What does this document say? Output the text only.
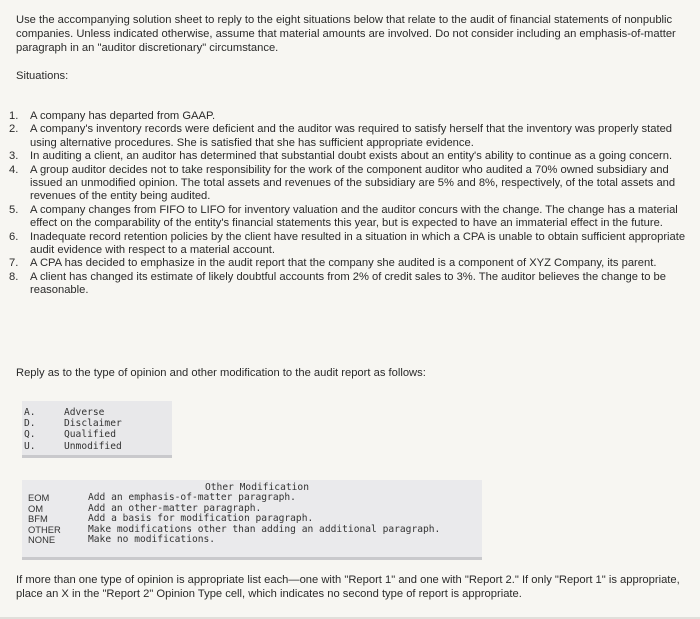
Use the accompanying solution sheet to reply to the eight situations below that relate to the audit of financial statements of nonpublic companies. Unless indicated otherwise, assume that material amounts are involved. Do not consider including an emphasis-of-matter paragraph in an "auditor discretionary" circumstance.
Situations:
1. A company has departed from GAAP.
2. A company's inventory records were deficient and the auditor was required to satisfy herself that the inventory was properly stated using alternative procedures. She is satisfied that she has sufficient appropriate evidence.
3. In auditing a client, an auditor has determined that substantial doubt exists about an entity's ability to continue as a going concern.
4. A group auditor decides not to take responsibility for the work of the component auditor who audited a 70% owned subsidiary and issued an unmodified opinion. The total assets and revenues of the subsidiary are 5% and 8%, respectively, of the total assets and revenues of the entity being audited.
5. A company changes from FIFO to LIFO for inventory valuation and the auditor concurs with the change. The change has a material effect on the comparability of the entity's financial statements this year, but is expected to have an immaterial effect in the future.
6. Inadequate record retention policies by the client have resulted in a situation in which a CPA is unable to obtain sufficient appropriate audit evidence with respect to a material account.
7. A CPA has decided to emphasize in the audit report that the company she audited is a component of XYZ Company, its parent.
8. A client has changed its estimate of likely doubtful accounts from 2% of credit sales to 3%. The auditor believes the change to be reasonable.
Reply as to the type of opinion and other modification to the audit report as follows:
A.	Adverse
D.	Disclaimer
Q.	Qualified
U.	Unmodified
Other Modification
EOM	Add an emphasis-of-matter paragraph.
OM	Add an other-matter paragraph.
BFM	Add a basis for modification paragraph.
OTHER	Make modifications other than adding an additional paragraph.
NONE	Make no modifications.
If more than one type of opinion is appropriate list each—one with "Report 1" and one with "Report 2." If only "Report 1" is appropriate, place an X in the "Report 2" Opinion Type cell, which indicates no second type of report is appropriate.
